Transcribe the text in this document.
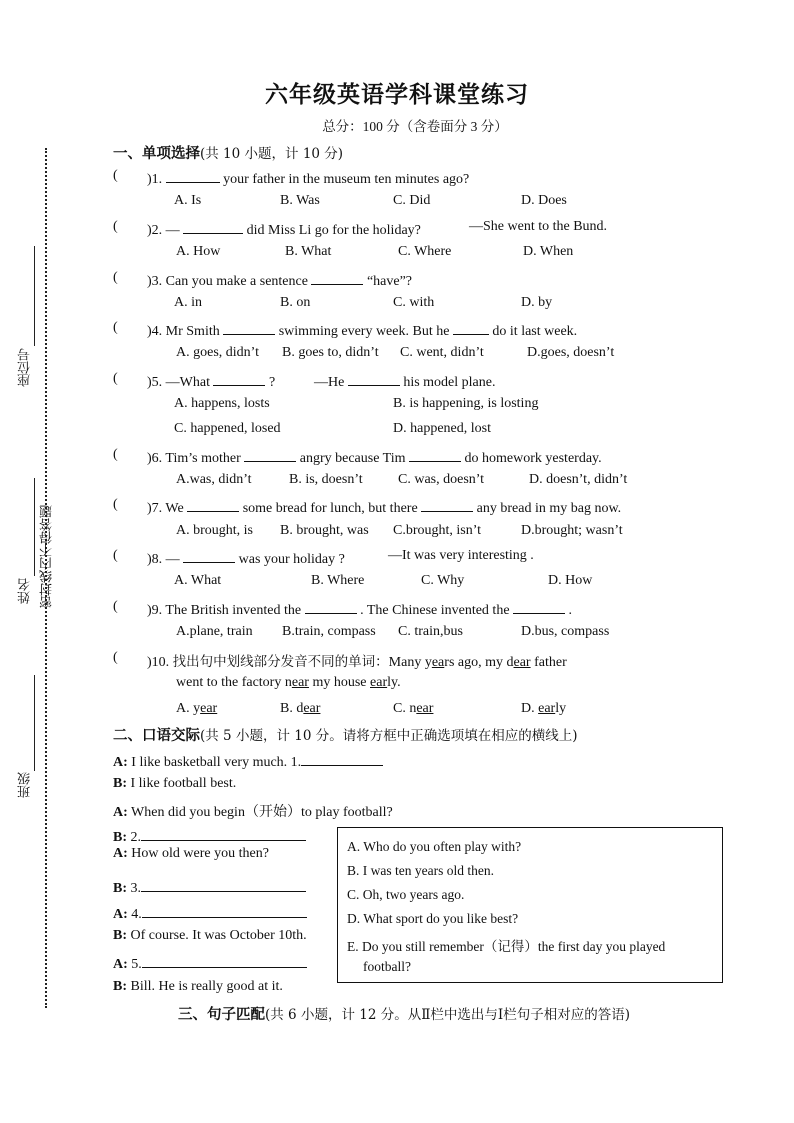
座位号
姓名 密封线内不得答题
班级
六年级英语学科课堂练习
总分：100 分（含卷面分 3 分）
一、单项选择(共 10 小题，计 10 分)
( )1.	your father in the museum ten minutes ago?
A. Is	B. Was	C. Did	D. Does
( )2. —	did Miss Li go for the holiday?	—She went to the Bund.
A. How	B. What	C. Where	D. When
( )3. Can you make a sentence	“have”?
A. in	B. on	C. with	D. by
( )4. Mr Smith	swimming every week. But he	do it last week.
A. goes, didn’t B. goes to, didn’t C. went, didn’t	D.goes, doesn’t
( )5. —What	?	—He	his model plane.
A. happens, losts	B. is happening, is losting
C. happened, losed	D. happened, lost
( )6. Tim’s mother	angry because Tim	do homework yesterday.
A.was, didn’t	B. is, doesn’t	C. was, doesn’t	D. doesn’t, didn’t
( )7. We	some bread for lunch, but there	any bread in my bag now.
A. brought, is B. brought, was C.brought, isn’t	D.brought; wasn’t
( )8. —	was your holiday ?	—It was very interesting .
A. What	B. Where	C. Why	D. How
( )9. The British invented the	. The Chinese invented the	.
A.plane, train B.train, compass C. train,bus	D.bus, compass
( )10. 找出句中划线部分发音不同的单词：Many years ago, my dear father
went to the factory near my house early.
A. year	B. dear	C. near	D. early
二、口语交际(共 5 小题，计 10 分。请将方框中正确选项填在相应的横线上)
A: I like basketball very much. 1.
B: I like football best.
A: When did you begin（开始）to play football?
B: 2.
A: How old were you then?
B: 3.
A: 4.
B: Of course. It was October 10th.
A: 5.
B: Bill. He is really good at it.
A. Who do you often play with?
B. I was ten years old then.
C. Oh, two years ago.
D. What sport do you like best?
E. Do you still remember（记得）the first day you played
football?
三、句子匹配(共 6 小题，计 12 分。从Ⅱ栏中选出与Ⅰ栏句子相对应的答语)
